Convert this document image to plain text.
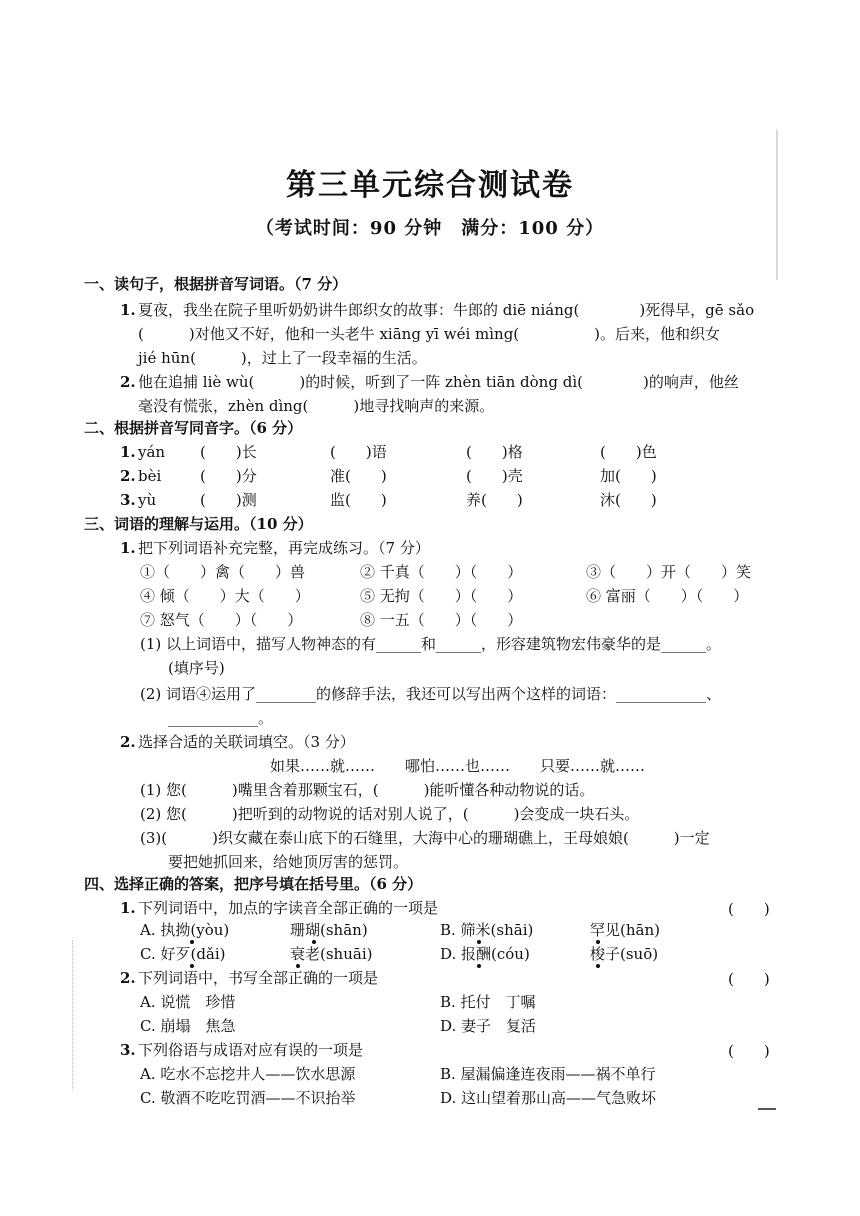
第三单元综合测试卷
（考试时间：90 分钟　满分：100 分）
一、读句子，根据拼音写词语。（7 分）
1. 夏夜，我坐在院子里听奶奶讲牛郎织女的故事：牛郎的 diē niáng(　　　　)死得早，gē sǎo
(　　　)对他又不好，他和一头老牛 xiāng yī wéi mìng(　　　　　)。后来，他和织女
jié hūn(　　　)，过上了一段幸福的生活。
2. 他在追捕 liè wù(　　　)的时候，听到了一阵 zhèn tiān dòng dì(　　　　)的响声，他丝
毫没有慌张，zhèn dìng(　　　)地寻找响声的来源。
二、根据拼音写同音字。（6 分）
1. yán (　　)长	(　　)语	(　　)格	(　　)色
2. bèi	(　　)分	准(　　)	(　　)壳	加(　　)
3. yù	(　　)测	监(　　)	养(　　)	沐(　　)
三、词语的理解与运用。（10 分）
1. 把下列词语补充完整，再完成练习。（7 分）
①（　　）禽（　　）兽	② 千真（　　）（　　）	③（　　）开（　　）笑
④ 倾（　　）大（　　）	⑤ 无拘（　　）（　　）	⑥ 富丽（　　）（　　）
⑦ 怒气（　　）（　　）	⑧ 一五（　　）（　　）
(1) 以上词语中，描写人物神态的有______和______，形容建筑物宏伟豪华的是______。
(填序号)
(2) 词语④运用了________的修辞手法，我还可以写出两个这样的词语：____________、
____________。
2. 选择合适的关联词填空。（3 分）
如果……就……　　哪怕……也……　　只要……就……
(1) 您(　　　)嘴里含着那颗宝石，(　　　)能听懂各种动物说的话。
(2) 您(　　　)把听到的动物说的话对别人说了，(　　　)会变成一块石头。
(3)(　　　)织女藏在泰山底下的石缝里，大海中心的珊瑚礁上，王母娘娘(　　　)一定
要把她抓回来，给她顶厉害的惩罚。
四、选择正确的答案，把序号填在括号里。（6 分）
1. 下列词语中，加点的字读音全部正确的一项是	(　　)
A. 执拗(yòu)	珊瑚(shān)	B. 筛米(shāi)	罕见(hān)
C. 好歹(dǎi)	衰老(shuāi)	D. 报酬(cóu)	梭子(suō)
2. 下列词语中，书写全部正确的一项是	(　　)
A. 说慌　珍惜	B. 托付　丁嘱
C. 崩塌　焦急	D. 妻子　复活
3. 下列俗语与成语对应有误的一项是	(　　)
A. 吃水不忘挖井人——饮水思源	B. 屋漏偏逢连夜雨——祸不单行
C. 敬酒不吃吃罚酒——不识抬举	D. 这山望着那山高——气急败坏
